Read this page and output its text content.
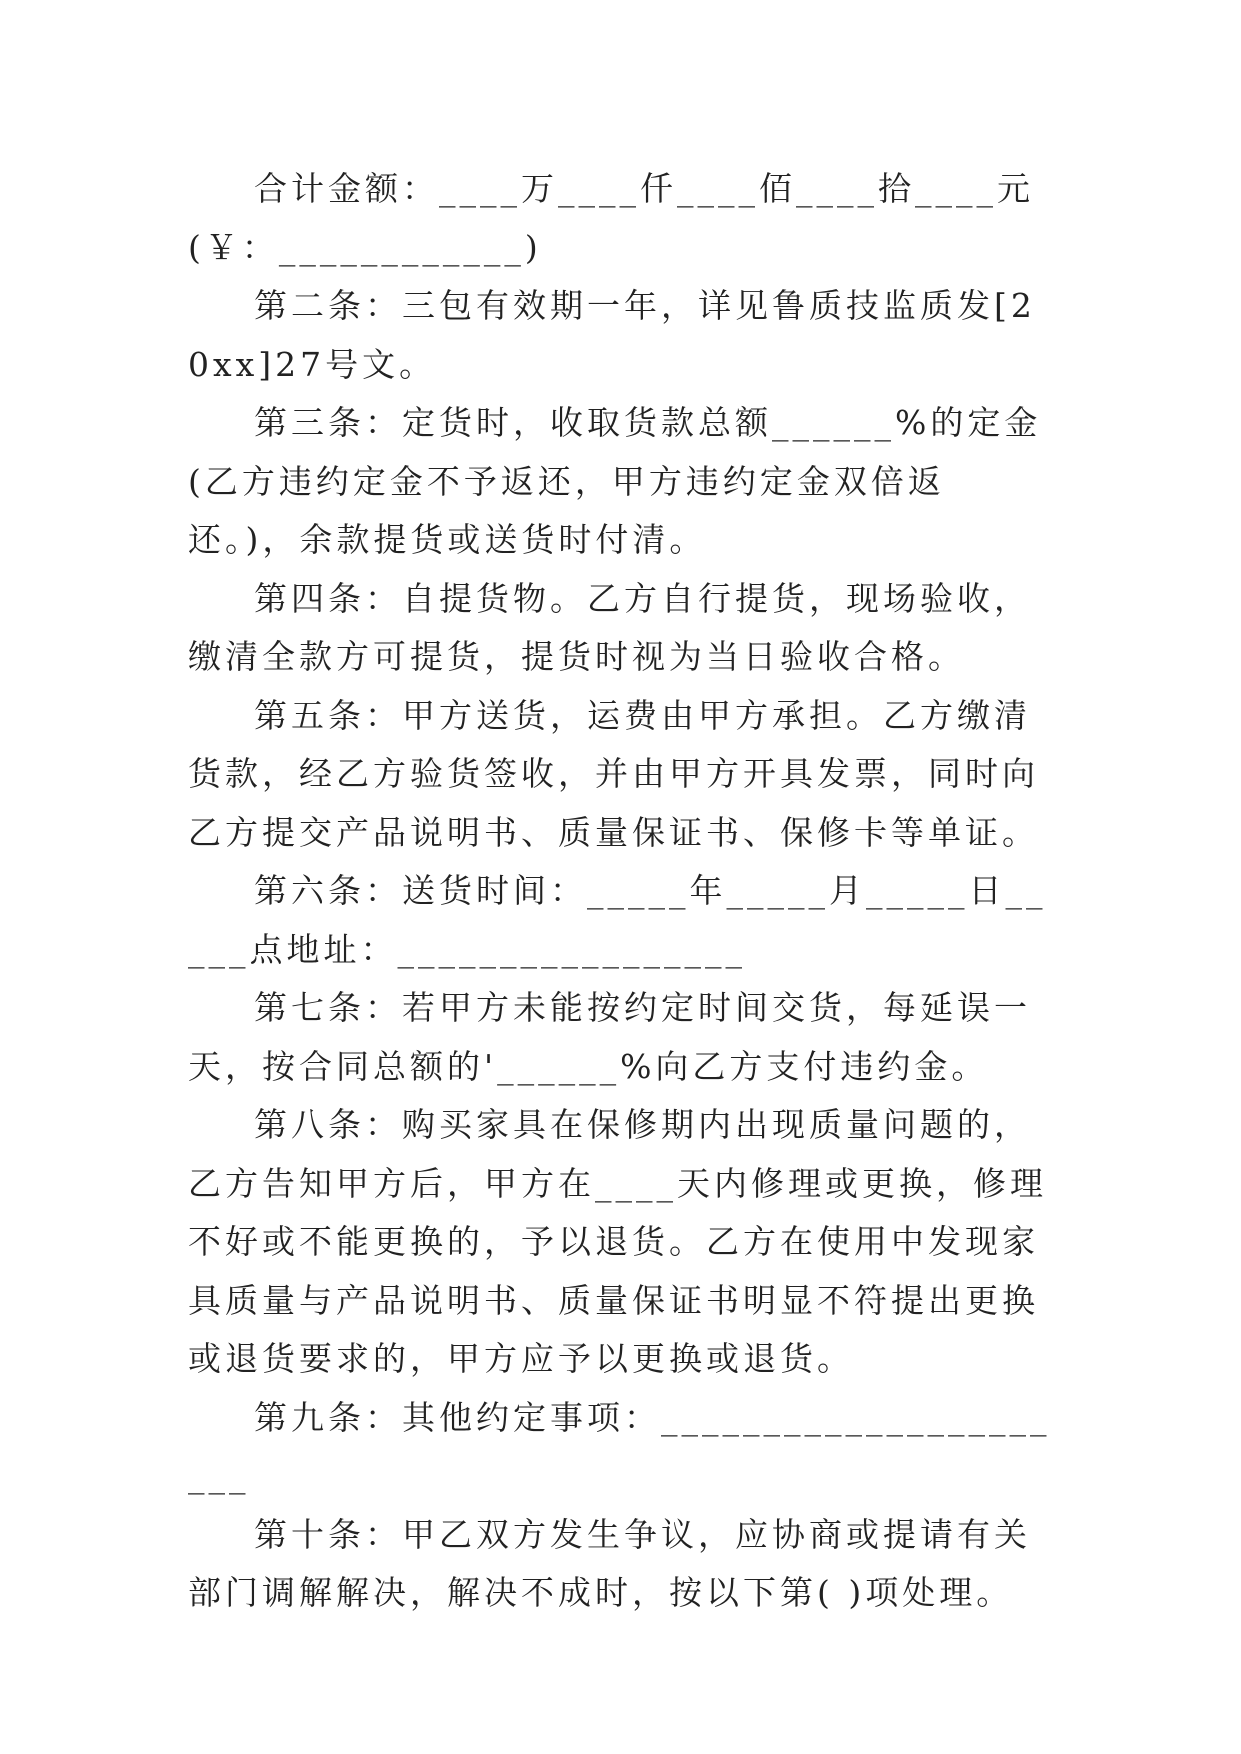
合计金额：____万____仟____佰____拾____元(￥：____________)

第二条：三包有效期一年，详见鲁质技监质发[20xx]27号文。

第三条：定货时，收取货款总额______%的定金(乙方违约定金不予返还，甲方违约定金双倍返还。)，余款提货或送货时付清。

第四条：自提货物。乙方自行提货，现场验收，缴清全款方可提货，提货时视为当日验收合格。

第五条：甲方送货，运费由甲方承担。乙方缴清货款，经乙方验货签收，并由甲方开具发票，同时向乙方提交产品说明书、质量保证书、保修卡等单证。

第六条：送货时间：_____年_____月_____日_____点地址：_________________

第七条：若甲方未能按约定时间交货，每延误一天，按合同总额的'______%向乙方支付违约金。

第八条：购买家具在保修期内出现质量问题的，乙方告知甲方后，甲方在____天内修理或更换，修理不好或不能更换的，予以退货。乙方在使用中发现家具质量与产品说明书、质量保证书明显不符提出更换或退货要求的，甲方应予以更换或退货。

第九条：其他约定事项：______________________

第十条：甲乙双方发生争议，应协商或提请有关部门调解解决，解决不成时，按以下第( )项处理。
